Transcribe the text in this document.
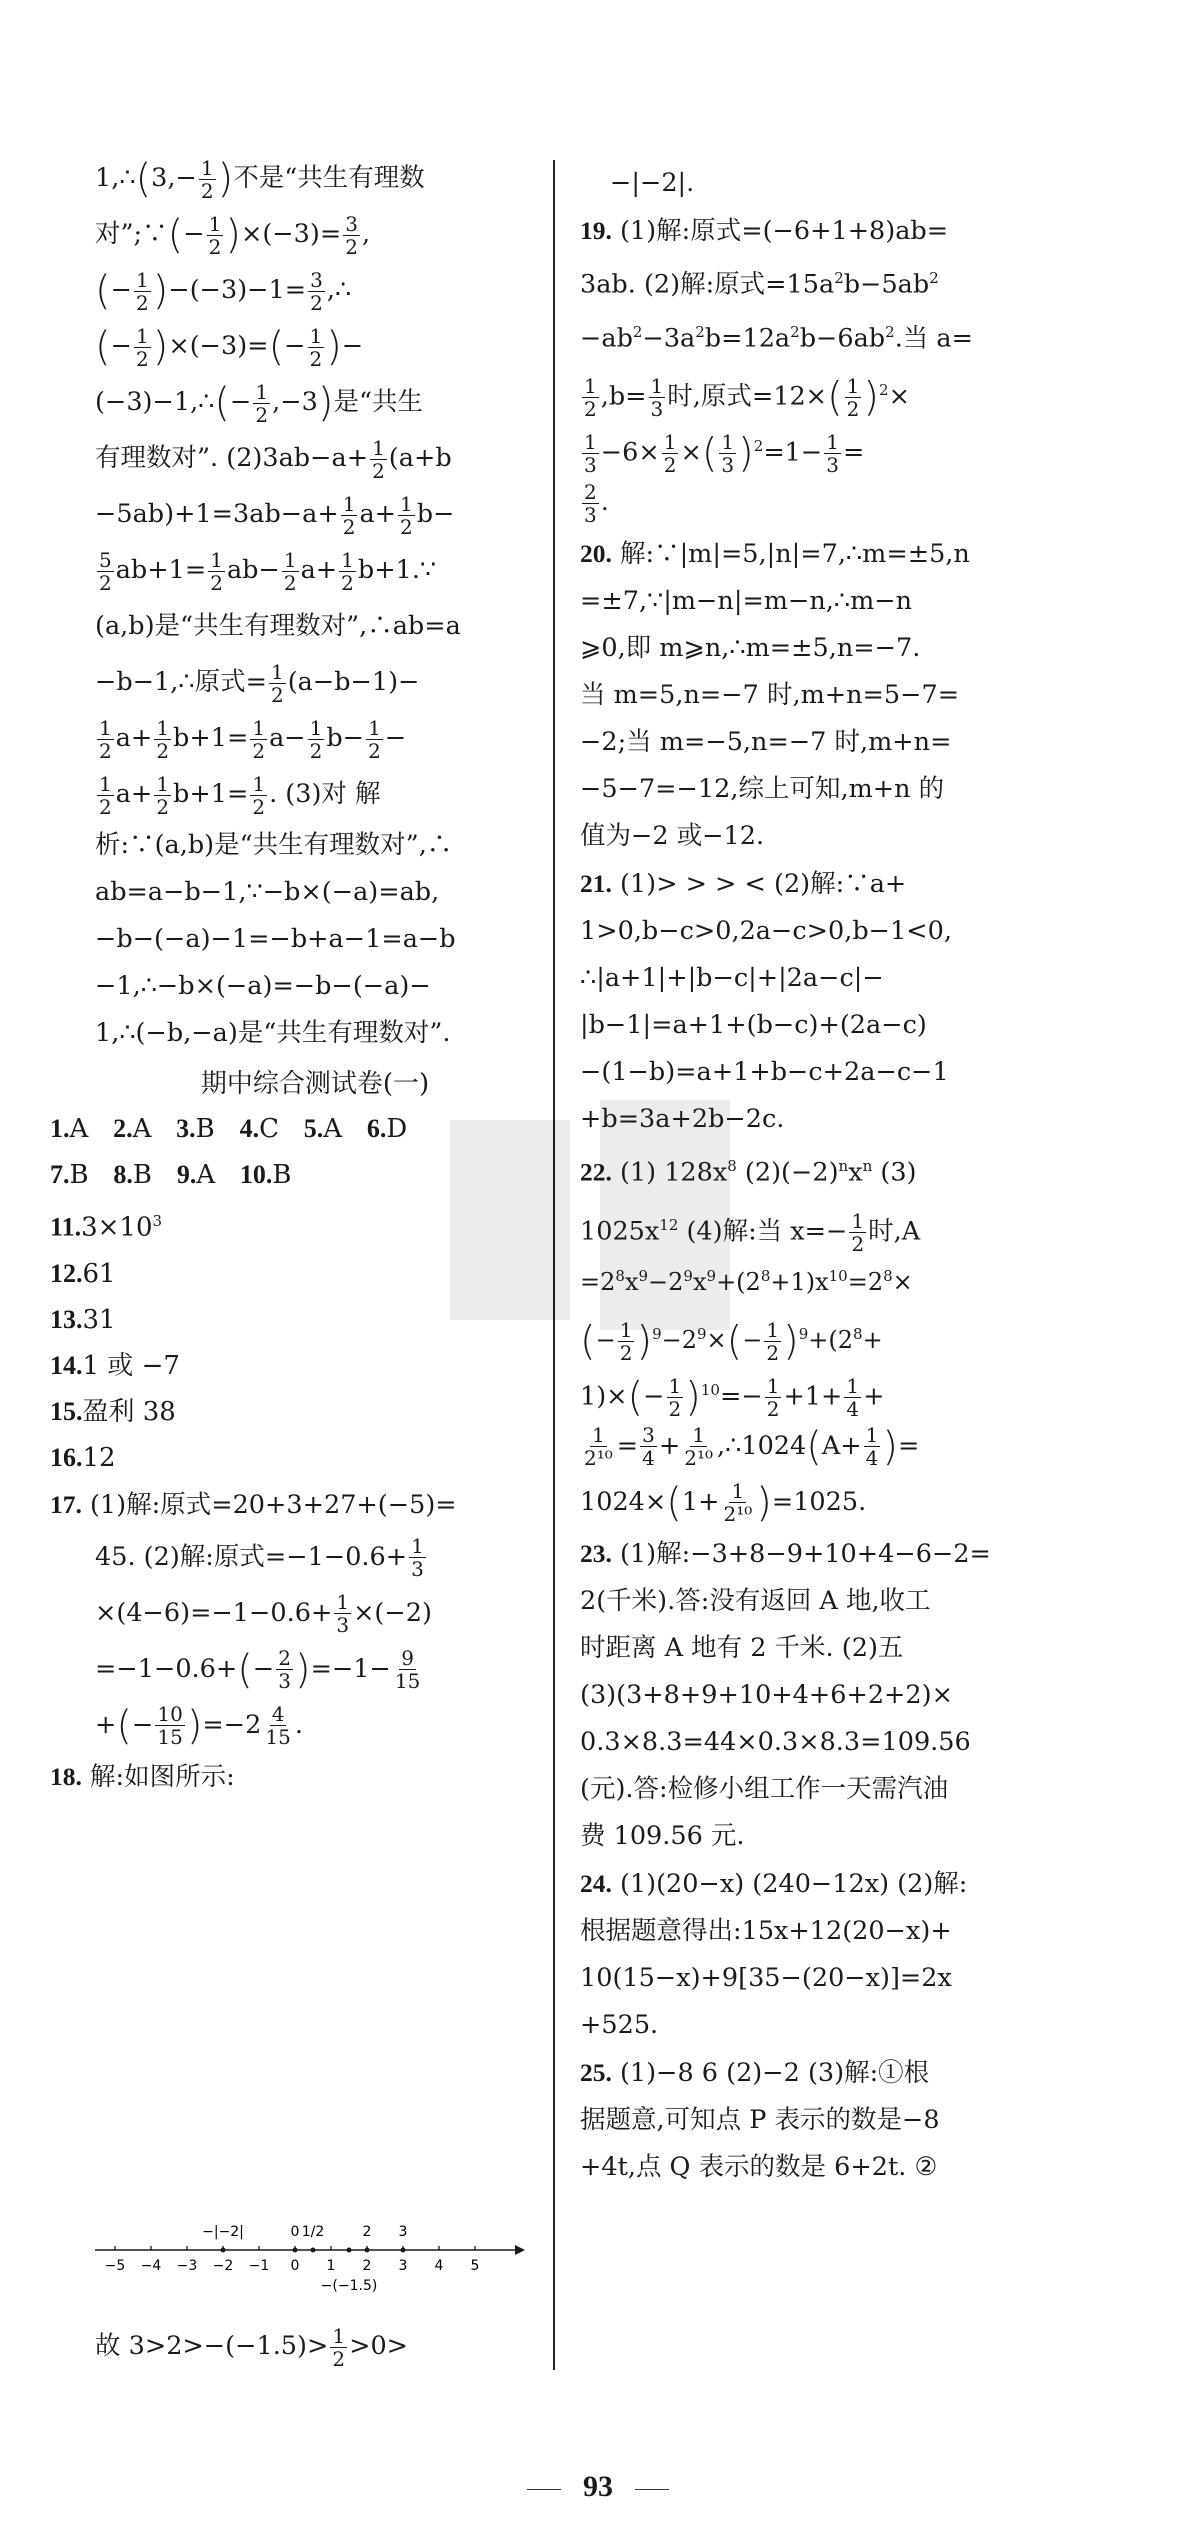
1,∴(3,− $\frac{1}{2}$ )不是“共生有理数
对”;∵(− $\frac{1}{2} )\times(-3)= \frac{3}{2}$ ,
(− $\frac{1}{2} )-(-3)-1= \frac{3}{2}$ ,∴
(− $\frac{1}{2} )\times(-3)=(- \frac{1}{2}$ )−
(−3)−1,∴(− $\frac{1}{2} ,-3$)是“共生
有理数对”. $(2)3ab-a+ \frac{1}{2} (a+b$
$-5ab)+1=3ab-a+ \frac{1}{2} a+ \frac{1}{2} b-$
$\frac{5}{2} ab+1= \frac{1}{2} ab- \frac{1}{2} a+ \frac{1}{2}$ b+1.∵
(a,b)是“共生有理数对”,∴ab=a
−b−1,∴原式= $\frac{1}{2} (a-b-1)-$
$\frac{1}{2} a+ \frac{1}{2} b+1= \frac{1}{2} a- \frac{1}{2} b- \frac{1}{2}$ −
$\frac{1}{2} a+ \frac{1}{2} b+1= \frac{1}{2}$ . (3)对 解
析:∵(a,b)是“共生有理数对”,∴
ab=a−b−1,∵−b×(−a)=ab,
−b−(−a)−1=−b+a−1=a−b
−1,∴−b×(−a)=−b−(−a)−
1,∴(−b,−a)是“共生有理数对”.
期中综合测试卷(一)
1.A 2.A 3.B 4.C 5.A 6.D
7.B 8.B 9.A 10.B
$11.3\times 10^3$
12.61
13.31
14.1 或 −7
15.盈利 38
16.12
17. (1)解:原式=20+3+27+(−5)=
45. (2)解:原式$=-1-0.6+ \frac{1}{3}$
$\times(4-6)=-1-0.6+ \frac{1}{3} \times(-2)$
$=-1-0.6+(- \frac{2}{3} )=-1- \frac{9}{15}$
+(− $\frac{10}{15} )=-2 \frac{4}{15}$ .
18. 解:如图所示:
−5 −4 −3 −2 −1 0 1 2 3 4 5
−|−2|	0 1/2	2 3
−(−1.5)
故 $3>2>-(-1.5)> \frac{1}{2} >0>$
−|−2|.
19. (1)解:原式=(−6+1+8)ab=
3ab. (2)解:原式$=15a^2b-5ab^2$
$-ab^2-3a^2b=12a^2b-6ab^2$.当 a=
$\frac{1}{2} ,b= \frac{1}{3}$ 时,原式$=12\times( \frac{1}{2} )^2\times$
$\frac{1}{3} -6\times \frac{1}{2}$ ×( $\frac{1}{3} )^2=1- \frac{1}{3}$ =
$\frac{2}{3}$ .
20. 解:∵|m|=5,|n|=7,∴m=±5,n
=±7,∵|m−n|=m−n,∴m−n
⩾0,即 m⩾n,∴m=±5,n=−7.
当 m=5,n=−7 时,m+n=5−7=
−2;当 m=−5,n=−7 时,m+n=
−5−7=−12,综上可知,m+n 的
值为−2 或−12.
21. (1)> > > < (2)解:∵a+
1>0,b−c>0,2a−c>0,b−1<0,
∴|a+1|+|b−c|+|2a−c|−
|b−1|=a+1+(b−c)+(2a−c)
−(1−b)=a+1+b−c+2a−c−1
+b=3a+2b−2c.
22. (1) $128x^8$ $(2)(-2)^nx^n$ (3)
$1025x^{12}$ (4)解:当 $x=- \frac{1}{2}$ 时,A
$=2^8x^9-2^9x^9+(2^8+1)x^{10}=2^8\times$
(− $\frac{1}{2} )^9-2^9\times(- \frac{1}{2} )^9+(2^8+$
$1)\times(- \frac{1}{2} )^{10}=- \frac{1}{2} +1+ \frac{1}{4}$ +
$\frac{1}{\text{2¹⁰}} = \frac{3}{4} + \frac{1}{\text{2¹⁰}}$ ,∴1024(A+ $\frac{1}{4}$ )=
$1024\times(1+ \frac{1}{\text{2¹⁰}} )=1025$.
23. (1)解:−3+8−9+10+4−6−2=
2(千米).答:没有返回 A 地,收工
时距离 A 地有 2 千米. (2)五
(3)(3+8+9+10+4+6+2+2)×
0.3×8.3=44×0.3×8.3=109.56
(元).答:检修小组工作一天需汽油
费 109.56 元.
24. (1)(20−x) (240−12x) (2)解:
根据题意得出:15x+12(20−x)+
10(15−x)+9[35−(20−x)]=2x
+525.
25. (1)−8 6 (2)−2 (3)解:①根
据题意,可知点 P 表示的数是−8
+4t,点 Q 表示的数是 6+2t. ②
93
